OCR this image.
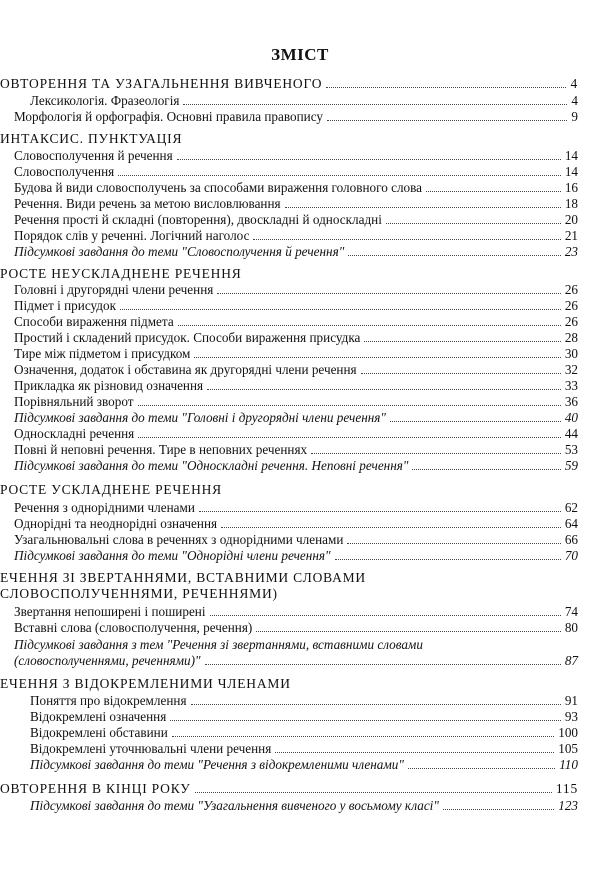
ЗМІСТ
ОВТОРЕННЯ ТА УЗАГАЛЬНЕННЯ ВИВЧЕНОГО	4
Лексикологія. Фразеологія	4
Морфологія й орфографія. Основні правила правопису	9
ИНТАКСИС. ПУНКТУАЦІЯ
Словосполучення й речення	14
Словосполучення	14
Будова й види словосполучень за способами вираження головного слова	16
Речення. Види речень за метою висловлювання	18
Речення прості й складні (повторення), двоскладні й односкладні	20
Порядок слів у реченні. Логічний наголос	21
Підсумкові завдання до теми "Словосполучення й речення"	23
РОСТЕ НЕУСКЛАДНЕНЕ РЕЧЕННЯ
Головні і другорядні члени речення	26
Підмет і присудок	26
Способи вираження підмета	26
Простий і складений присудок. Способи вираження присудка	28
Тире між підметом і присудком	30
Означення, додаток і обставина як другорядні члени речення	32
Прикладка як різновид означення	33
Порівняльний зворот	36
Підсумкові завдання до теми "Головні і другорядні члени речення"	40
Односкладні речення	44
Повні й неповні речення. Тире в неповних реченнях	53
Підсумкові завдання до теми "Односкладні речення. Неповні речення"	59
РОСТЕ УСКЛАДНЕНЕ РЕЧЕННЯ
Речення з однорідними членами	62
Однорідні та неоднорідні означення	64
Узагальнювальні слова в реченнях з однорідними членами	66
Підсумкові завдання до теми "Однорідні члени речення"	70
ЕЧЕННЯ ЗІ ЗВЕРТАННЯМИ, ВСТАВНИМИ СЛОВАМИ
СЛОВОСПОЛУЧЕННЯМИ, РЕЧЕННЯМИ)
Звертання непоширені і поширені	74
Вставні слова (словосполучення, речення)	80
Підсумкові завдання з тем "Речення зі звертаннями, вставними словами
(словосполученнями, реченнями)"	87
ЕЧЕННЯ З ВІДОКРЕМЛЕНИМИ ЧЛЕНАМИ
Поняття про відокремлення	91
Відокремлені означення	93
Відокремлені обставини	100
Відокремлені уточнювальні члени речення	105
Підсумкові завдання до теми "Речення з відокремленими членами"	110
ОВТОРЕННЯ В КІНЦІ РОКУ	115
Підсумкові завдання до теми "Узагальнення вивченого у восьмому класі"	123
